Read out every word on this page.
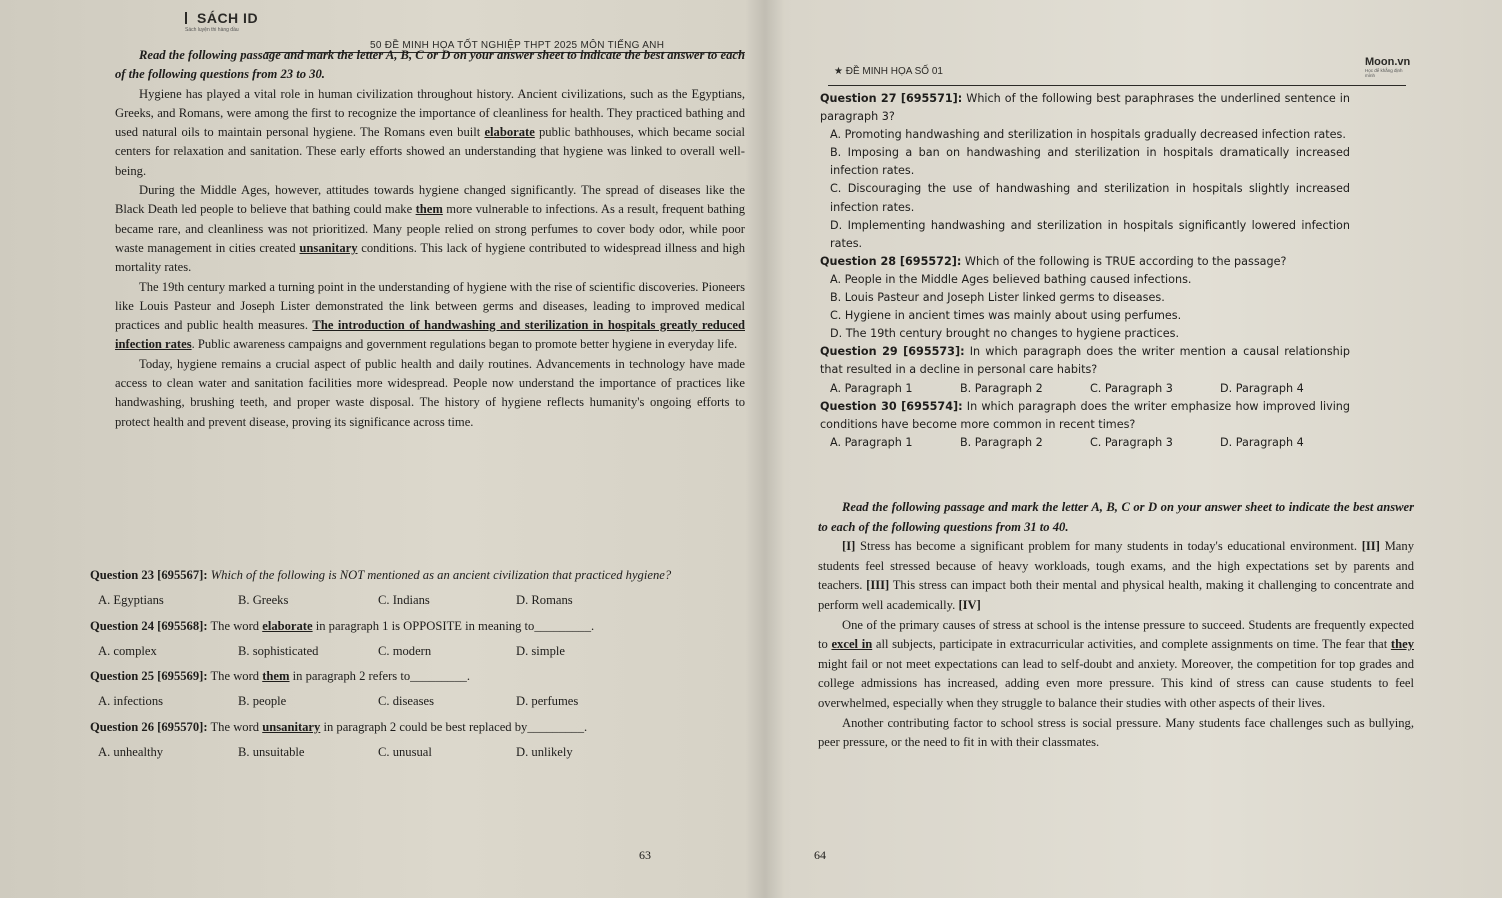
SÁCH ID
Sách luyện thi hàng đầu
50 ĐỀ MINH HỌA TỐT NGHIỆP THPT 2025 MÔN TIẾNG ANH

Read the following passage and mark the letter A, B, C or D on your answer sheet to indicate the best answer to each of the following questions from 23 to 30.

Hygiene has played a vital role in human civilization throughout history. Ancient civilizations, such as the Egyptians, Greeks, and Romans, were among the first to recognize the importance of cleanliness for health. They practiced bathing and used natural oils to maintain personal hygiene. The Romans even built elaborate public bathhouses, which became social centers for relaxation and sanitation. These early efforts showed an understanding that hygiene was linked to overall well-being.

During the Middle Ages, however, attitudes towards hygiene changed significantly. The spread of diseases like the Black Death led people to believe that bathing could make them more vulnerable to infections. As a result, frequent bathing became rare, and cleanliness was not prioritized. Many people relied on strong perfumes to cover body odor, while poor waste management in cities created unsanitary conditions. This lack of hygiene contributed to widespread illness and high mortality rates.

The 19th century marked a turning point in the understanding of hygiene with the rise of scientific discoveries. Pioneers like Louis Pasteur and Joseph Lister demonstrated the link between germs and diseases, leading to improved medical practices and public health measures. The introduction of handwashing and sterilization in hospitals greatly reduced infection rates. Public awareness campaigns and government regulations began to promote better hygiene in everyday life.

Today, hygiene remains a crucial aspect of public health and daily routines. Advancements in technology have made access to clean water and sanitation facilities more widespread. People now understand the importance of practices like handwashing, brushing teeth, and proper waste disposal. The history of hygiene reflects humanity's ongoing efforts to protect health and prevent disease, proving its significance across time.

Question 23 [695567]: Which of the following is NOT mentioned as an ancient civilization that practiced hygiene?

A. Egyptians	B. Greeks	C. Indians	D. Romans

Question 24 [695568]: The word elaborate in paragraph 1 is OPPOSITE in meaning to_________.

A. complex	B. sophisticated	C. modern	D. simple

Question 25 [695569]: The word them in paragraph 2 refers to_________.

A. infections	B. people	C. diseases	D. perfumes

Question 26 [695570]: The word unsanitary in paragraph 2 could be best replaced by_________.

A. unhealthy	B. unsuitable	C. unusual	D. unlikely
63
★ ĐỀ MINH HỌA SỐ 01
Moon.vn
Học để khẳng định mình

Question 27 [695571]: Which of the following best paraphrases the underlined sentence in paragraph 3?

A. Promoting handwashing and sterilization in hospitals gradually decreased infection rates.

B. Imposing a ban on handwashing and sterilization in hospitals dramatically increased infection rates.

C. Discouraging the use of handwashing and sterilization in hospitals slightly increased infection rates.

D. Implementing handwashing and sterilization in hospitals significantly lowered infection rates.

Question 28 [695572]: Which of the following is TRUE according to the passage?

A. People in the Middle Ages believed bathing caused infections.

B. Louis Pasteur and Joseph Lister linked germs to diseases.

C. Hygiene in ancient times was mainly about using perfumes.

D. The 19th century brought no changes to hygiene practices.

Question 29 [695573]: In which paragraph does the writer mention a causal relationship that resulted in a decline in personal care habits?

A. Paragraph 1	B. Paragraph 2	C. Paragraph 3	D. Paragraph 4

Question 30 [695574]: In which paragraph does the writer emphasize how improved living conditions have become more common in recent times?

A. Paragraph 1	B. Paragraph 2	C. Paragraph 3	D. Paragraph 4

Read the following passage and mark the letter A, B, C or D on your answer sheet to indicate the best answer to each of the following questions from 31 to 40.

[I] Stress has become a significant problem for many students in today's educational environment. [II] Many students feel stressed because of heavy workloads, tough exams, and the high expectations set by parents and teachers. [III] This stress can impact both their mental and physical health, making it challenging to concentrate and perform well academically. [IV]

One of the primary causes of stress at school is the intense pressure to succeed. Students are frequently expected to excel in all subjects, participate in extracurricular activities, and complete assignments on time. The fear that they might fail or not meet expectations can lead to self-doubt and anxiety. Moreover, the competition for top grades and college admissions has increased, adding even more pressure. This kind of stress can cause students to feel overwhelmed, especially when they struggle to balance their studies with other aspects of their lives.

Another contributing factor to school stress is social pressure. Many students face challenges such as bullying, peer pressure, or the need to fit in with their classmates.

64
